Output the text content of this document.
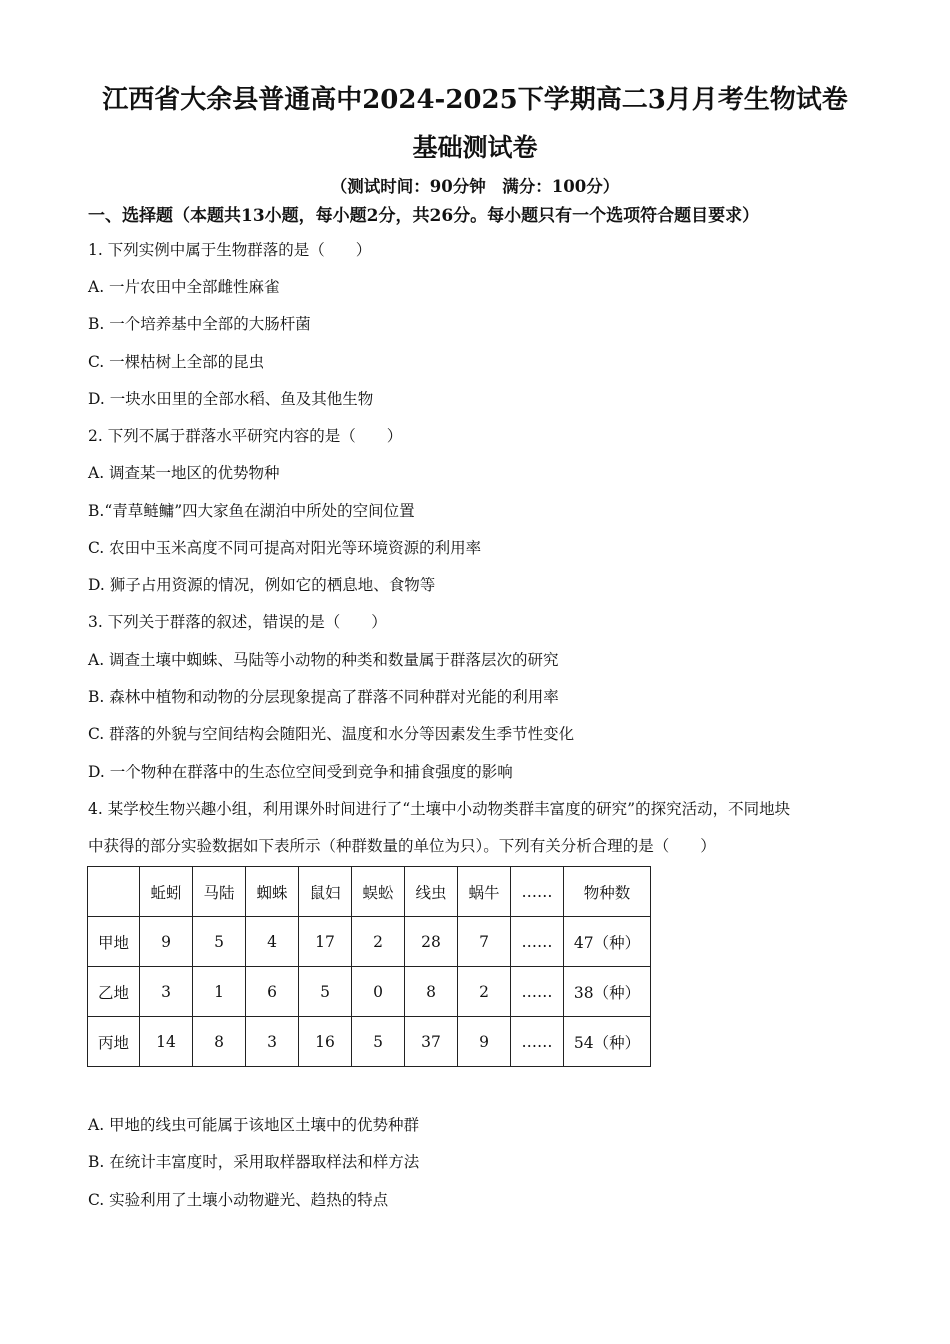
江西省大余县普通高中2024-2025下学期高二3月月考生物试卷
基础测试卷
（测试时间：90分钟　满分：100分）
一、选择题（本题共13小题，每小题2分，共26分。每小题只有一个选项符合题目要求）
1. 下列实例中属于生物群落的是（　　）
A. 一片农田中全部雌性麻雀
B. 一个培养基中全部的大肠杆菌
C. 一棵枯树上全部的昆虫
D. 一块水田里的全部水稻、鱼及其他生物
2. 下列不属于群落水平研究内容的是（　　）
A. 调查某一地区的优势物种
B.“青草鲢鳙”四大家鱼在湖泊中所处的空间位置
C. 农田中玉米高度不同可提高对阳光等环境资源的利用率
D. 狮子占用资源的情况，例如它的栖息地、食物等
3. 下列关于群落的叙述，错误的是（　　）
A. 调查土壤中蜘蛛、马陆等小动物的种类和数量属于群落层次的研究
B. 森林中植物和动物的分层现象提高了群落不同种群对光能的利用率
C. 群落的外貌与空间结构会随阳光、温度和水分等因素发生季节性变化
D. 一个物种在群落中的生态位空间受到竞争和捕食强度的影响
4. 某学校生物兴趣小组，利用课外时间进行了“土壤中小动物类群丰富度的研究”的探究活动，不同地块
中获得的部分实验数据如下表所示（种群数量的单位为只）。下列有关分析合理的是（　　）
	蚯蚓	马陆	蜘蛛	鼠妇	蜈蚣	线虫	蜗牛	……	物种数
甲地	9	5	4	17	2	28	7	……	47（种）
乙地	3	1	6	5	0	8	2	……	38（种）
丙地	14	8	3	16	5	37	9	……	54（种）
A. 甲地的线虫可能属于该地区土壤中的优势种群
B. 在统计丰富度时，采用取样器取样法和样方法
C. 实验利用了土壤小动物避光、趋热的特点
